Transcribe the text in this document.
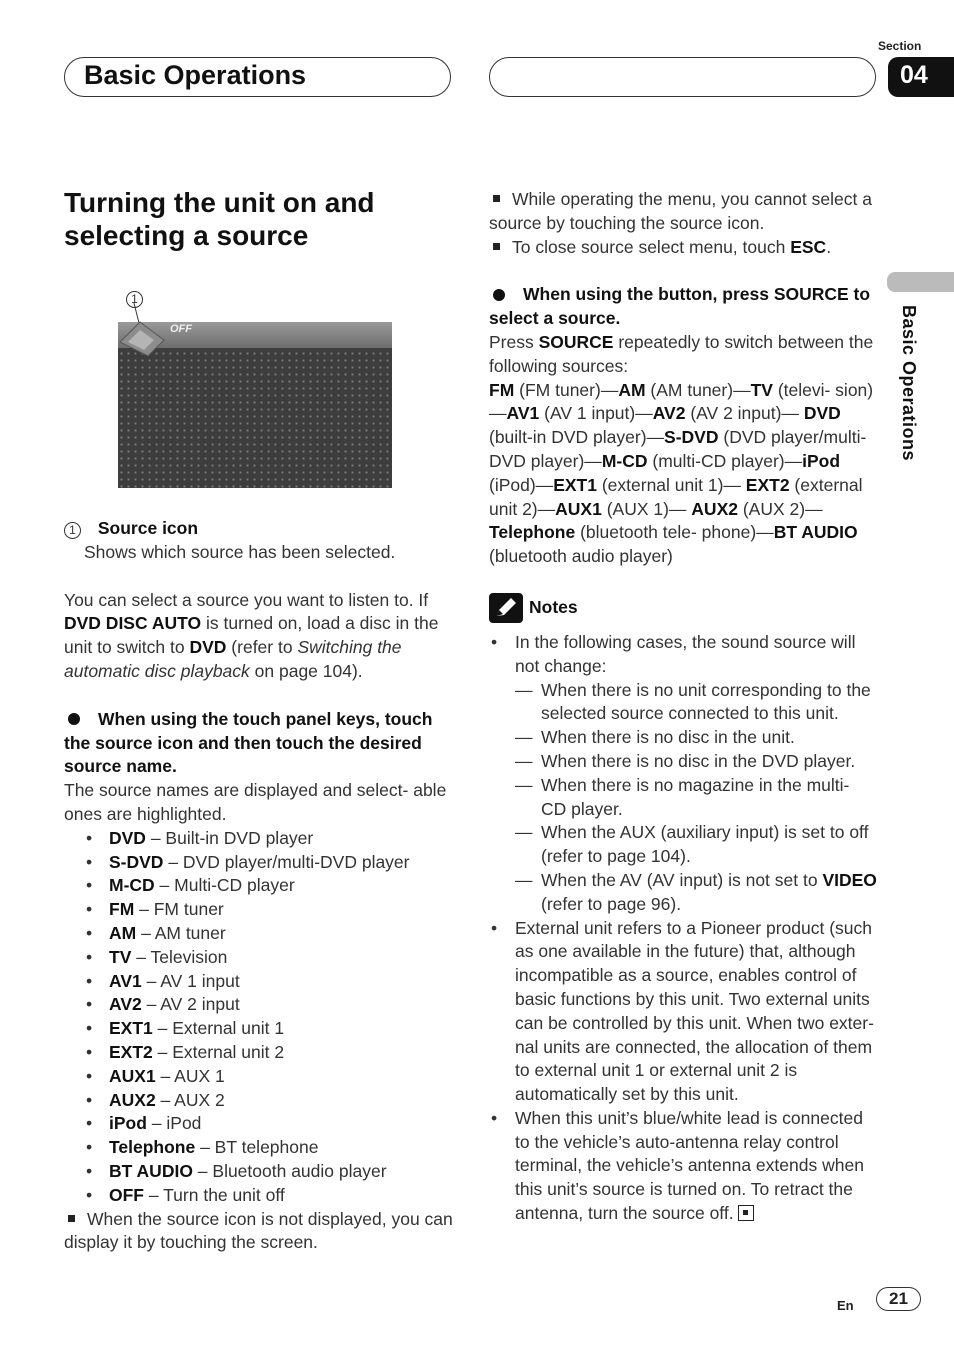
Basic Operations
Section
04
Basic Operations
Turning the unit on and selecting a source
1
OFF
1 Source icon
Shows which source has been selected.

You can select a source you want to listen to. If DVD DISC AUTO is turned on, load a disc in the unit to switch to DVD (refer to Switching the automatic disc playback on page 104).

When using the touch panel keys, touch the source icon and then touch the desired source name.

The source names are displayed and select- able ones are highlighted.

• DVD – Built-in DVD player
• S-DVD – DVD player/multi-DVD player
• M-CD – Multi-CD player
• FM – FM tuner
• AM – AM tuner
• TV – Television
• AV1 – AV 1 input
• AV2 – AV 2 input
• EXT1 – External unit 1
• EXT2 – External unit 2
• AUX1 – AUX 1
• AUX2 – AUX 2
• iPod – iPod
• Telephone – BT telephone
• BT AUDIO – Bluetooth audio player
• OFF – Turn the unit off

When the source icon is not displayed, you can display it by touching the screen.

While operating the menu, you cannot select a source by touching the source icon.

To close source select menu, touch ESC.

When using the button, press SOURCE to select a source.

Press SOURCE repeatedly to switch between the following sources:

FM (FM tuner)—AM (AM tuner)—TV (televi- sion)—AV1 (AV 1 input)—AV2 (AV 2 input)— DVD (built-in DVD player)—S-DVD (DVD player/multi-DVD player)—M-CD (multi-CD player)—iPod (iPod)—EXT1 (external unit 1)— EXT2 (external unit 2)—AUX1 (AUX 1)— AUX2 (AUX 2)—Telephone (bluetooth tele- phone)—BT AUDIO (bluetooth audio player)

Notes
• In the following cases, the sound source will not change:
— When there is no unit corresponding to the selected source connected to this unit.
— When there is no disc in the unit.
— When there is no disc in the DVD player.
— When there is no magazine in the multi- CD player.
— When the AUX (auxiliary input) is set to off (refer to page 104).
— When the AV (AV input) is not set to VIDEO (refer to page 96).
• External unit refers to a Pioneer product (such as one available in the future) that, although incompatible as a source, enables control of basic functions by this unit. Two external units can be controlled by this unit. When two exter- nal units are connected, the allocation of them to external unit 1 or external unit 2 is automatically set by this unit.
• When this unit’s blue/white lead is connected to the vehicle’s auto-antenna relay control terminal, the vehicle’s antenna extends when this unit’s source is turned on. To retract the antenna, turn the source off.
En	21
